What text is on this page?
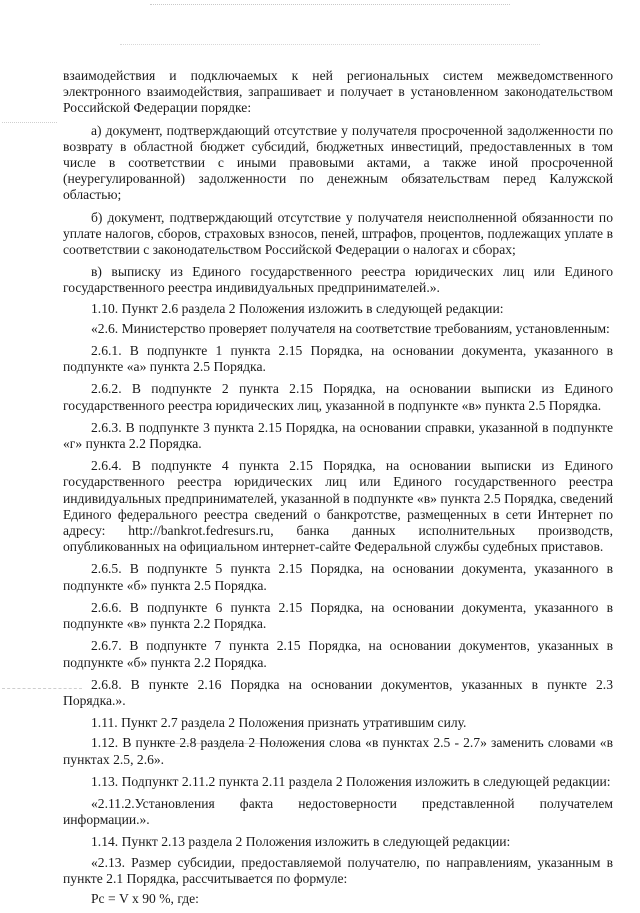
взаимодействия и подключаемых к ней региональных систем межведомственного электронного взаимодействия, запрашивает и получает в установленном законодательством Российской Федерации порядке:

а) документ, подтверждающий отсутствие у получателя просроченной задолженности по возврату в областной бюджет субсидий, бюджетных инвестиций, предоставленных в том числе в соответствии с иными правовыми актами, а также иной просроченной (неурегулированной) задолженности по денежным обязательствам перед Калужской областью;

б) документ, подтверждающий отсутствие у получателя неисполненной обязанности по уплате налогов, сборов, страховых взносов, пеней, штрафов, процентов, подлежащих уплате в соответствии с законодательством Российской Федерации о налогах и сборах;

в) выписку из Единого государственного реестра юридических лиц или Единого государственного реестра индивидуальных предпринимателей.».

1.10. Пункт 2.6 раздела 2 Положения изложить в следующей редакции:

«2.6. Министерство проверяет получателя на соответствие требованиям, установленным:

2.6.1. В подпункте 1 пункта 2.15 Порядка, на основании документа, указанного в подпункте «а» пункта 2.5 Порядка.

2.6.2. В подпункте 2 пункта 2.15 Порядка, на основании выписки из Единого государственного реестра юридических лиц, указанной в подпункте «в» пункта 2.5 Порядка.

2.6.3. В подпункте 3 пункта 2.15 Порядка, на основании справки, указанной в подпункте «г» пункта 2.2 Порядка.

2.6.4. В подпункте 4 пункта 2.15 Порядка, на основании выписки из Единого государственного реестра юридических лиц или Единого государственного реестра индивидуальных предпринимателей, указанной в подпункте «в» пункта 2.5 Порядка, сведений Единого федерального реестра сведений о банкротстве, размещенных в сети Интернет по адресу: http://bankrot.fedresurs.ru, банка данных исполнительных производств, опубликованных на официальном интернет-сайте Федеральной службы судебных приставов.

2.6.5. В подпункте 5 пункта 2.15 Порядка, на основании документа, указанного в подпункте «б» пункта 2.5 Порядка.

2.6.6. В подпункте 6 пункта 2.15 Порядка, на основании документа, указанного в подпункте «в» пункта 2.2 Порядка.

2.6.7. В подпункте 7 пункта 2.15 Порядка, на основании документов, указанных в подпункте «б» пункта 2.2 Порядка.

2.6.8. В пункте 2.16 Порядка на основании документов, указанных в пункте 2.3 Порядка.».

1.11. Пункт 2.7 раздела 2 Положения признать утратившим силу.

1.12. В пункте 2.8 раздела 2 Положения слова «в пунктах 2.5 - 2.7» заменить словами «в пунктах 2.5, 2.6».

1.13. Подпункт 2.11.2 пункта 2.11 раздела 2 Положения изложить в следующей редакции:

«2.11.2.Установления факта недостоверности представленной получателем информации.».

1.14. Пункт 2.13 раздела 2 Положения изложить в следующей редакции:

«2.13. Размер субсидии, предоставляемой получателю, по направлениям, указанным в пункте 2.1 Порядка, рассчитывается по формуле:

Рс = V x 90 %, где:
